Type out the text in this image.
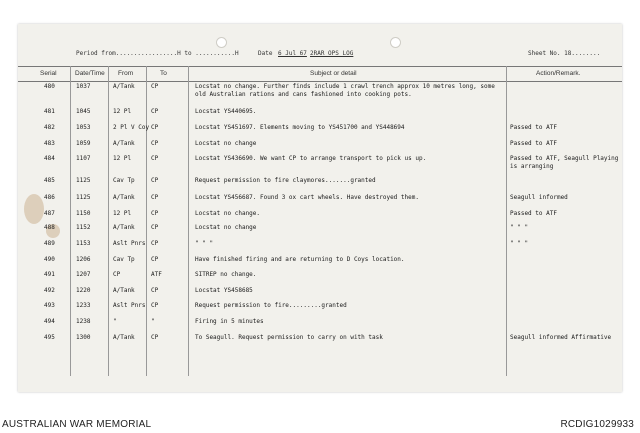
Period from.................H to ...........H	Date 6 Jul 67 2RAR OPS LOG	Sheet No. 18........
Serial	Date/Time From	To	Subject or detail	Action/Remark.
480	1037	A/Tank	CP	Locstat no change. Further finds include 1 crawl trench approx 10 metres long, some old Australian rations and cans fashioned into cooking pots.
481	1045	12 Pl	CP	Locstat YS440695.
482	1053	2 Pl V Coy CP	Locstat YS451697. Elements moving to YS451700 and YS448694	Passed to ATF
483	1059	A/Tank	CP	Locstat no change	Passed to ATF
484	1107	12 Pl	CP	Locstat YS436690. We want CP to arrange transport to pick us up.	Passed to ATF, Seagull Playing is arranging
485	1125	Cav Tp	CP	Request permission to fire claymores.......granted
486	1125	A/Tank	CP	Locstat YS456687. Found 3 ox cart wheels. Have destroyed them.	Seagull informed
487	1150	12 Pl	CP	Locstat no change.	Passed to ATF
488	1152	A/Tank	CP	Locstat no change	" " "
489	1153	Aslt Pnrs CP	" " "	" " "
490	1206	Cav Tp	CP	Have finished firing and are returning to D Coys location.
491	1207	CP	ATF	SITREP no change.
492	1220	A/Tank	CP	Locstat YS458685
493	1233	Aslt Pnrs CP	Request permission to fire.........granted
494	1238	"	"	Firing in 5 minutes
495	1300	A/Tank	CP	To Seagull. Request permission to carry on with task	Seagull informed Affirmative
AUSTRALIAN WAR MEMORIAL	RCDIG1029933
